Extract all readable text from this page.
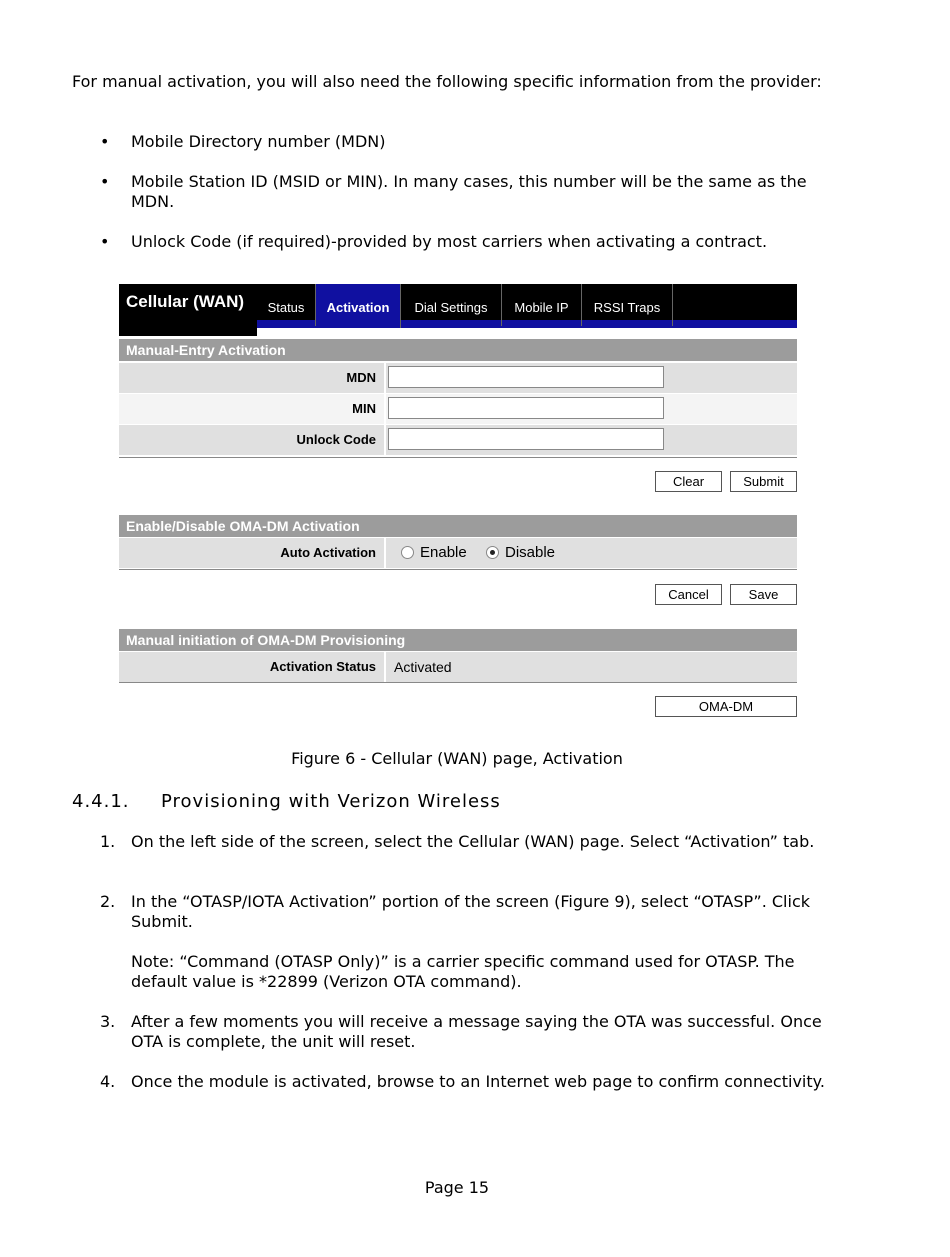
For manual activation, you will also need the following specific information from the provider:
• Mobile Directory number (MDN)
• Mobile Station ID (MSID or MIN). In many cases, this number will be the same as the MDN.
• Unlock Code (if required)-provided by most carriers when activating a contract.
Cellular (WAN)	Status	Activation	Dial Settings	Mobile IP	RSSI Traps
Manual-Entry Activation
MDN
MIN
Unlock Code
Clear	Submit
Enable/Disable OMA-DM Activation
Auto Activation	Enable	Disable
Cancel	Save
Manual initiation of OMA-DM Provisioning
Activation Status Activated
OMA-DM
Figure 6 - Cellular (WAN) page, Activation
4.4.1. Provisioning with Verizon Wireless
1. On the left side of the screen, select the Cellular (WAN) page. Select “Activation” tab.
2. In the “OTASP/IOTA Activation” portion of the screen (Figure 9), select “OTASP”. Click Submit.
Note: “Command (OTASP Only)” is a carrier specific command used for OTASP. The default value is *22899 (Verizon OTA command).
3. After a few moments you will receive a message saying the OTA was successful. Once OTA is complete, the unit will reset.
4. Once the module is activated, browse to an Internet web page to confirm connectivity.
Page 15
